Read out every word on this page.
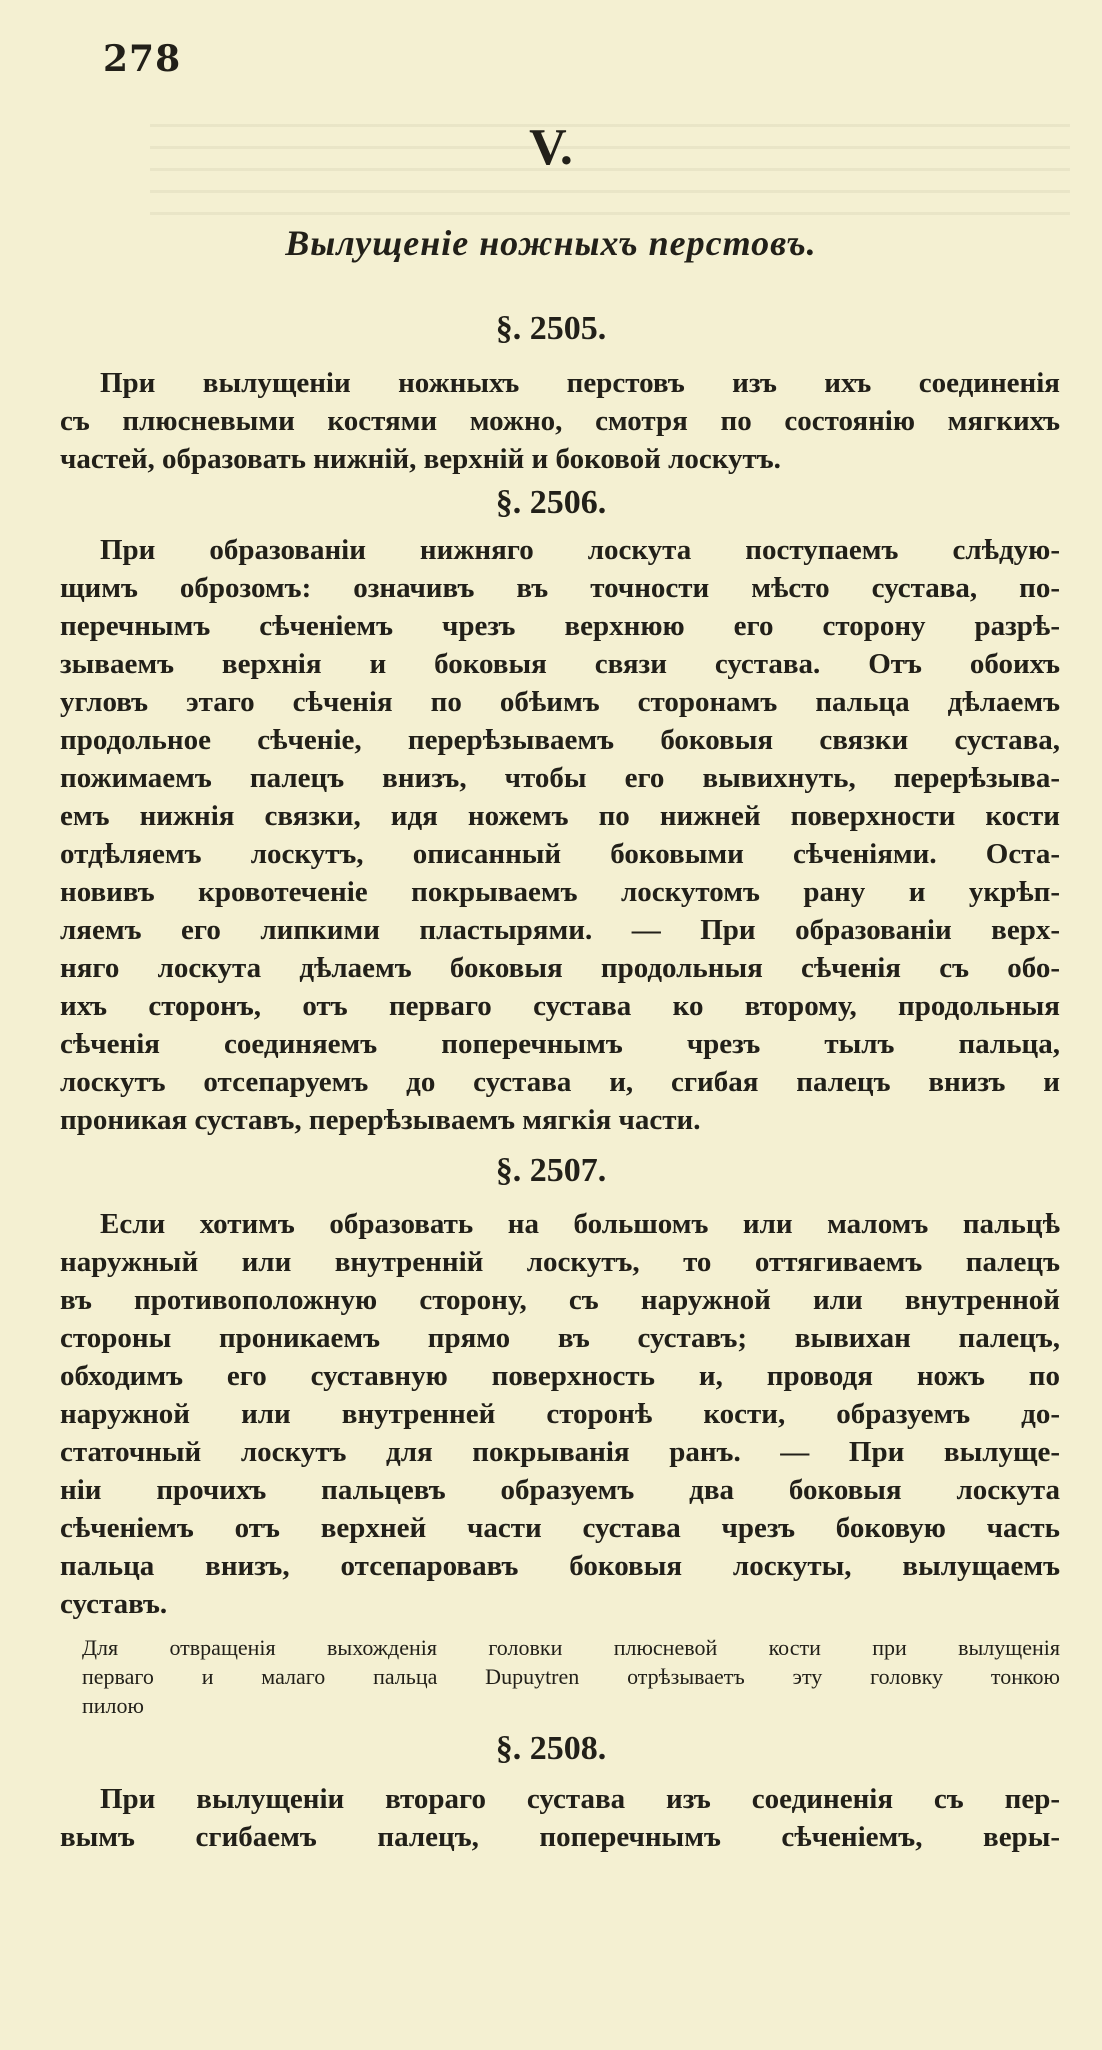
278
V.
Вылущеніе ножныхъ перстовъ.
§. 2505.
При вылущеніи ножныхъ перстовъ изъ ихъ соединенія
съ плюсневыми костями можно, смотря по состоянію мягкихъ
частей, образовать нижній, верхній и боковой лоскутъ.
§. 2506.
При образованіи нижняго лоскута поступаемъ слѣдую-
щимъ оброзомъ: означивъ въ точности мѣсто сустава, по-
перечнымъ сѣченіемъ чрезъ верхнюю его сторону разрѣ-
зываемъ верхнія и боковыя связи сустава. Отъ обоихъ
угловъ этаго сѣченія по обѣимъ сторонамъ пальца дѣлаемъ
продольное сѣченіе, перерѣзываемъ боковыя связки сустава,
пожимаемъ палецъ внизъ, чтобы его вывихнуть, перерѣзыва-
емъ нижнія связки, идя ножемъ по нижней поверхности кости
отдѣляемъ лоскутъ, описанный боковыми сѣченіями. Оста-
новивъ кровотеченіе покрываемъ лоскутомъ рану и укрѣп-
ляемъ его липкими пластырями. — При образованіи верх-
няго лоскута дѣлаемъ боковыя продольныя сѣченія съ обо-
ихъ сторонъ, отъ перваго сустава ко второму, продольныя
сѣченія соединяемъ поперечнымъ чрезъ тылъ пальца,
лоскутъ отсепаруемъ до сустава и, сгибая палецъ внизъ и
проникая суставъ, перерѣзываемъ мягкія части.
§. 2507.
Если хотимъ образовать на большомъ или маломъ пальцѣ
наружный или внутренній лоскутъ, то оттягиваемъ палецъ
въ противоположную сторону, съ наружной или внутренной
стороны проникаемъ прямо въ суставъ; вывихан палецъ,
обходимъ его суставную поверхность и, проводя ножъ по
наружной или внутренней сторонѣ кости, образуемъ до-
статочный лоскутъ для покрыванія ранъ. — При вылуще-
ніи прочихъ пальцевъ образуемъ два боковыя лоскута
сѣченіемъ отъ верхней части сустава чрезъ боковую часть
пальца внизъ, отсепаровавъ боковыя лоскуты, вылущаемъ
суставъ.
Для отвращенія выхожденія головки плюсневой кости при вылущенія
перваго и малаго пальца Dupuytren отрѣзываетъ эту головку тонкою
пилою
§. 2508.
При вылущеніи втораго сустава изъ соединенія съ пер-
вымъ сгибаемъ палецъ, поперечнымъ сѣченіемъ, веры-
